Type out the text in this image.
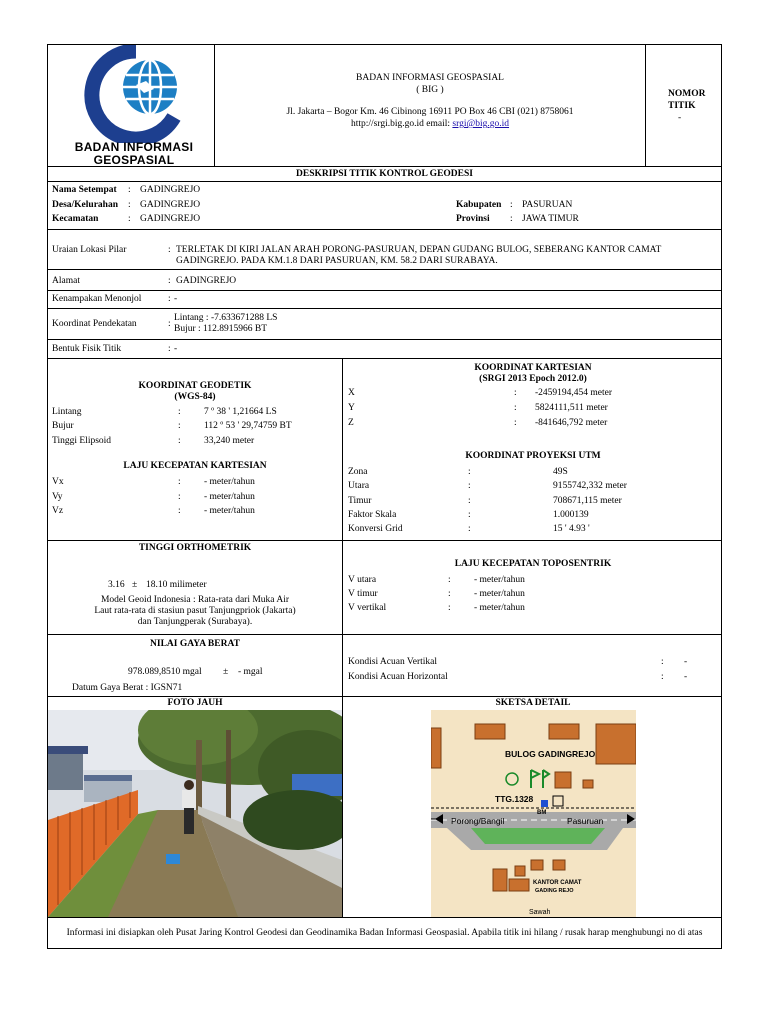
BADAN INFORMASI
GEOSPASIAL
BADAN INFORMASI GEOSPASIAL
( BIG )
Jl. Jakarta – Bogor Km. 46 Cibinong 16911 PO Box 46 CBI (021) 8758061
http://srgi.big.go.id email: srgi@big.go.id
NOMOR
TITIK
-
DESKRIPSI TITIK KONTROL GEODESI
Nama Setempat : GADINGREJO
Desa/Kelurahan : GADINGREJO
Kecamatan	: GADINGREJO
Kabupaten : PASURUAN
Provinsi : JAWA TIMUR
Uraian Lokasi Pilar	: TERLETAK DI KIRI JALAN ARAH PORONG-PASURUAN, DEPAN GUDANG BULOG, SEBERANG KANTOR CAMAT
GADINGREJO. PADA KM.1.8 DARI PASURUAN, KM. 58.2 DARI SURABAYA.
Alamat	: GADINGREJO
Kenampakan Menonjol	: -
Koordinat Pendekatan	:
Lintang : -7.633671288 LS
Bujur : 112.8915966 BT
Bentuk Fisik Titik	: -
KOORDINAT GEODETIK
(WGS-84)
Lintang	: 7 º 38 ' 1,21664 LS
Bujur	: 112 º 53 ' 29,74759 BT
Tinggi Elipsoid	: 33,240 meter
LAJU KECEPATAN KARTESIAN
Vx	: - meter/tahun
Vy	: - meter/tahun
Vz	: - meter/tahun
KOORDINAT KARTESIAN
(SRGI 2013 Epoch 2012.0)
X	: -2459194,454 meter
Y	: 5824111,511 meter
Z	: -841646,792 meter
KOORDINAT PROYEKSI UTM
Zona	:	49S
Utara	:	9155742,332 meter
Timur	:	708671,115 meter
Faktor Skala	:	1.000139
Konversi Grid	:	15 ' 4.93 '
TINGGI ORTHOMETRIK
3.16 ± 18.10 milimeter
Model Geoid Indonesia : Rata-rata dari Muka Air
Laut rata-rata di stasiun pasut Tanjungpriok (Jakarta)
dan Tanjungperak (Surabaya).
LAJU KECEPATAN TOPOSENTRIK
V utara	: - meter/tahun
V timur	: - meter/tahun
V vertikal	: - meter/tahun
NILAI GAYA BERAT
978.089,8510 mgal ± - mgal
Datum Gaya Berat : IGSN71
Kondisi Acuan Vertikal	: -
Kondisi Acuan Horizontal	: -
FOTO JAUH	SKETSA DETAIL
BULOG GADINGREJO
TTG.1328
BM
Porong/Bangil	Pasuruan
KANTOR CAMAT
GADING REJO
Sawah
Informasi ini disiapkan oleh Pusat Jaring Kontrol Geodesi dan Geodinamika Badan Informasi Geospasial. Apabila titik ini hilang / rusak harap menghubungi no di atas
